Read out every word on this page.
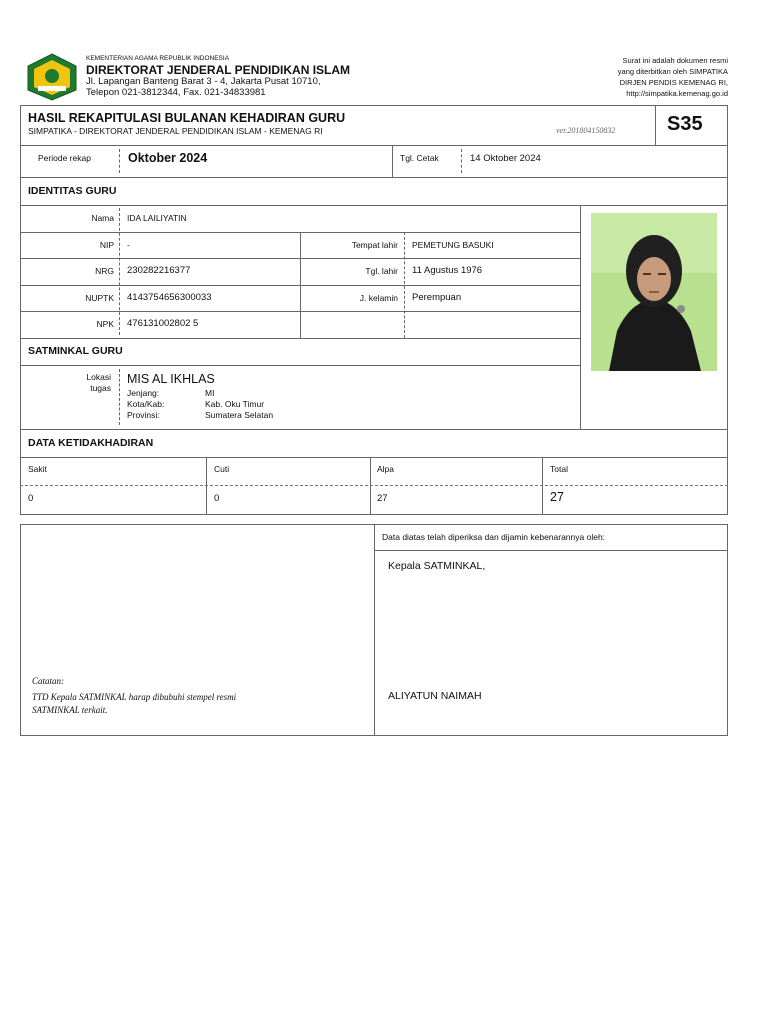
KEMENTERIAN AGAMA REPUBLIK INDONESIA
DIREKTORAT JENDERAL PENDIDIKAN ISLAM
Jl. Lapangan Banteng Barat 3 - 4, Jakarta Pusat 10710,
Telepon 021-3812344, Fax. 021-34833981
Surat ini adalah dokumen resmi
yang diterbitkan oleh SIMPATIKA
DIRJEN PENDIS KEMENAG RI,
http://simpatika.kemenag.go.id
HASIL REKAPITULASI BULANAN KEHADIRAN GURU
SIMPATIKA - DIREKTORAT JENDERAL PENDIDIKAN ISLAM - KEMENAG RI	ver.201804150832	S35
Periode rekap	Oktober 2024	Tgl. Cetak	14 Oktober 2024
IDENTITAS GURU
Nama IDA LAILIYATIN
NIP -	Tempat lahir PEMETUNG BASUKI
NRG 230282216377	Tgl. lahir 11 Agustus 1976
NUPTK 4143754656300033	J. kelamin Perempuan
NPK 476131002802 5
SATMINKAL GURU
Lokasi
tugas
MIS AL IKHLAS
Jenjang:	MI
Kota/Kab:	Kab. Oku Timur
Provinsi:	Sumatera Selatan
DATA KETIDAKHADIRAN
Sakit	Cuti	Alpa	Total
0	0	27	27
Catatan:
TTD Kepala SATMINKAL harap dibubuhi stempel resmi
SATMINKAL terkait.
Data diatas telah diperiksa dan dijamin kebenarannya oleh:
Kepala SATMINKAL,
ALIYATUN NAIMAH
